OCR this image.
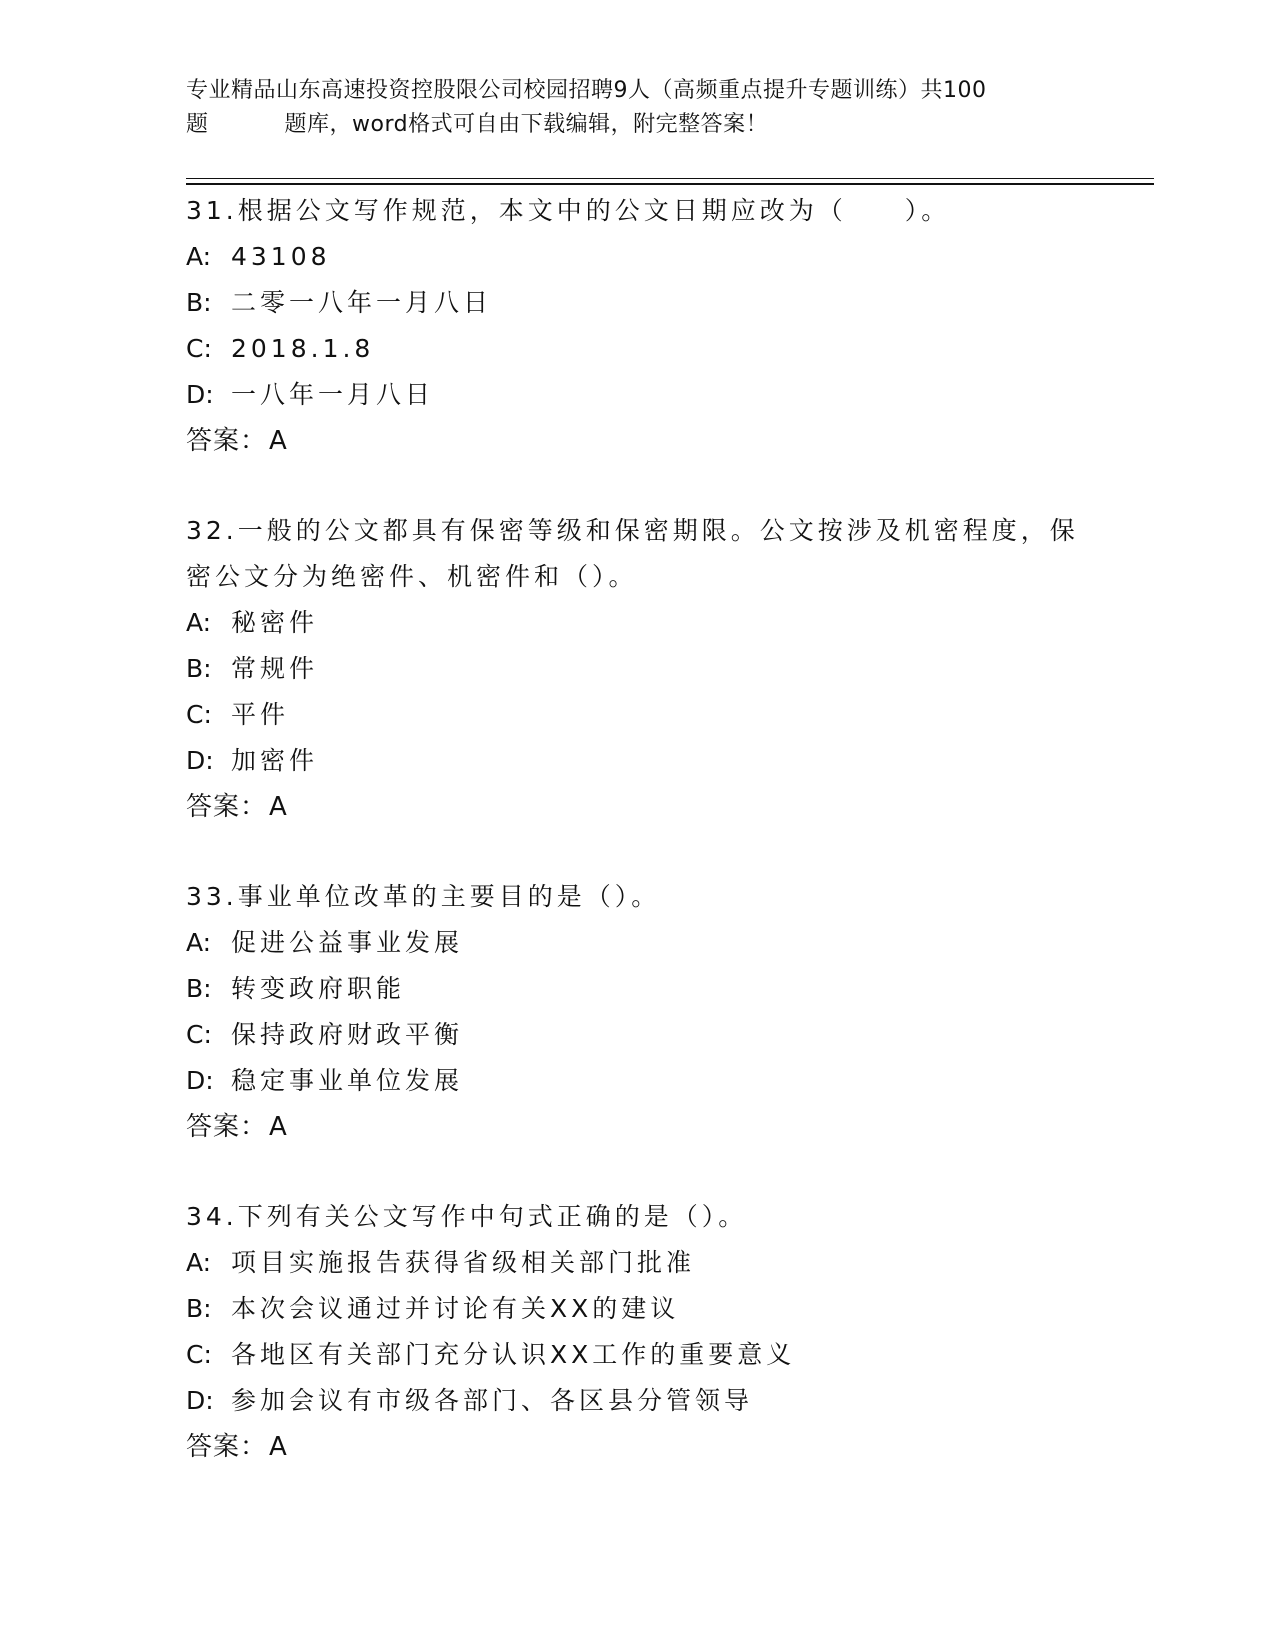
专业精品山东高速投资控股限公司校园招聘9人（高频重点提升专题训练）共100
题	题库，word格式可自由下载编辑，附完整答案！
31.根据公文写作规范，本文中的公文日期应改为（　　）。
A: 43108
B: 二零一八年一月八日
C: 2018.1.8
D: 一八年一月八日
答案： A
32.一般的公文都具有保密等级和保密期限。公文按涉及机密程度，保密公文分为绝密件、机密件和（）。
A: 秘密件
B: 常规件
C: 平件
D: 加密件
答案： A
33.事业单位改革的主要目的是（）。
A: 促进公益事业发展
B: 转变政府职能
C: 保持政府财政平衡
D: 稳定事业单位发展
答案： A
34.下列有关公文写作中句式正确的是（）。
A: 项目实施报告获得省级相关部门批准
B: 本次会议通过并讨论有关XX的建议
C: 各地区有关部门充分认识XX工作的重要意义
D: 参加会议有市级各部门、各区县分管领导
答案： A
